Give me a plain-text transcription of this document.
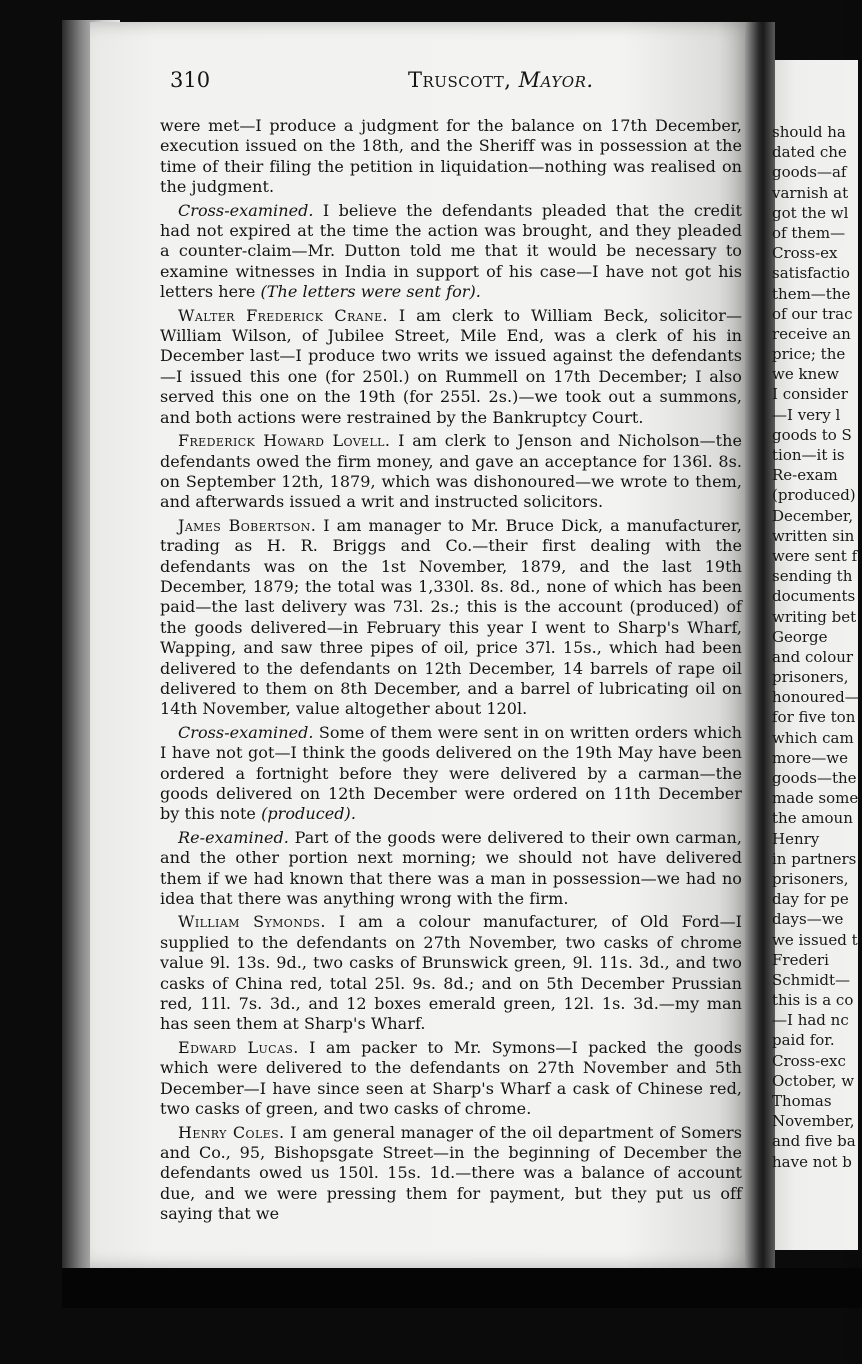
310	Truscott, Mayor.

were met—I produce a judgment for the balance on 17th December, execution issued on the 18th, and the Sheriff was in possession at the time of their filing the petition in liquidation—nothing was realised on the judgment.

Cross-examined. I believe the defendants pleaded that the credit had not expired at the time the action was brought, and they pleaded a counter-claim—Mr. Dutton told me that it would be necessary to examine witnesses in India in support of his case—I have not got his letters here (The letters were sent for).

Walter Frederick Crane. I am clerk to William Beck, solicitor—William Wilson, of Jubilee Street, Mile End, was a clerk of his in December last—I produce two writs we issued against the defendants—I issued this one (for 250l.) on Rummell on 17th December; I also served this one on the 19th (for 255l. 2s.)—we took out a summons, and both actions were restrained by the Bankruptcy Court.

Frederick Howard Lovell. I am clerk to Jenson and Nicholson—the defendants owed the firm money, and gave an acceptance for 136l. 8s. on September 12th, 1879, which was dishonoured—we wrote to them, and afterwards issued a writ and instructed solicitors.

James Bobertson. I am manager to Mr. Bruce Dick, a manufacturer, trading as H. R. Briggs and Co.—their first dealing with the defendants was on the 1st November, 1879, and the last 19th December, 1879; the total was 1,330l. 8s. 8d., none of which has been paid—the last delivery was 73l. 2s.; this is the account (produced) of the goods delivered—in February this year I went to Sharp's Wharf, Wapping, and saw three pipes of oil, price 37l. 15s., which had been delivered to the defendants on 12th December, 14 barrels of rape oil delivered to them on 8th December, and a barrel of lubricating oil on 14th November, value altogether about 120l.

Cross-examined. Some of them were sent in on written orders which I have not got—I think the goods delivered on the 19th May have been ordered a fortnight before they were delivered by a carman—the goods delivered on 12th December were ordered on 11th December by this note (produced).

Re-examined. Part of the goods were delivered to their own carman, and the other portion next morning; we should not have delivered them if we had known that there was a man in possession—we had no idea that there was anything wrong with the firm.

William Symonds. I am a colour manufacturer, of Old Ford—I supplied to the defendants on 27th November, two casks of chrome value 9l. 13s. 9d., two casks of Brunswick green, 9l. 11s. 3d., and two casks of China red, total 25l. 9s. 8d.; and on 5th December Prussian red, 11l. 7s. 3d., and 12 boxes emerald green, 12l. 1s. 3d.—my man has seen them at Sharp's Wharf.

Edward Lucas. I am packer to Mr. Symons—I packed the goods which were delivered to the defendants on 27th November and 5th December—I have since seen at Sharp's Wharf a cask of Chinese red, two casks of green, and two casks of chrome.

Henry Coles. I am general manager of the oil department of Somers and Co., 95, Bishopsgate Street—in the beginning of December the defendants owed us 150l. 15s. 1d.—there was a balance of account due, and we were pressing them for payment, but they put us off saying that we

should ha
dated che
goods—af
varnish at
got the wl
of them—
Cross-ex
satisfactio
them—the
of our trac
receive an
price; the
we knew
I consider
—I very l
goods to S
tion—it is
Re-exam
(produced)
December,
written sin
were sent f
sending th
documents
writing bet
George
and colour
prisoners,
honoured—
for five ton
which cam
more—we
goods—the
made some
the amoun
Henry
in partners
prisoners,
day for pe
days—we
we issued t
Frederi
Schmidt—
this is a co
—I had nc
paid for.
Cross-exc
October, w
Thomas
November,
and five ba
have not b
